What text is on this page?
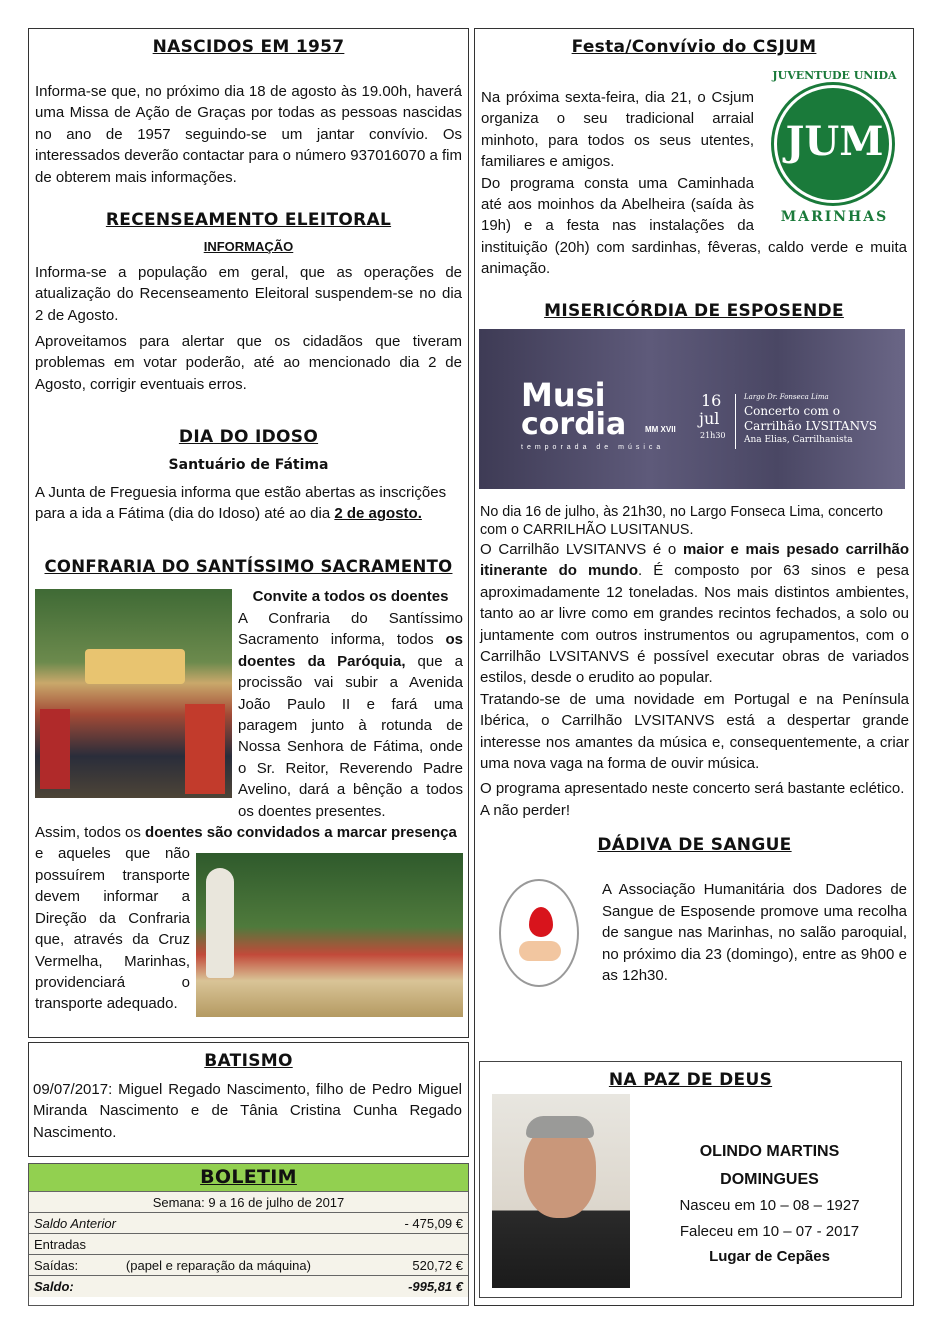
NASCIDOS EM 1957

Informa-se que, no próximo dia 18 de agosto às 19.00h, haverá uma Missa de Ação de Graças por todas as pessoas nascidas no ano de 1957 seguindo-se um jantar convívio. Os interessados deverão contactar para o número 937016070 a fim de obterem mais informações.

RECENSEAMENTO ELEITORAL
INFORMAÇÃO

Informa-se a população em geral, que as operações de atualização do Recenseamento Eleitoral suspendem-se no dia 2 de Agosto.

Aproveitamos para alertar que os cidadãos que tiveram problemas em votar poderão, até ao mencionado dia 2 de Agosto, corrigir eventuais erros.

DIA DO IDOSO
Santuário de Fátima

A Junta de Freguesia informa que estão abertas as inscrições para a ida a Fátima (dia do Idoso) até ao dia 2 de agosto.

CONFRARIA DO SANTÍSSIMO SACRAMENTO
Convite a todos os doentes

A Confraria do Santíssimo Sacramento informa, todos os doentes da Paróquia, que a procissão vai subir a Avenida João Paulo II e fará uma paragem junto à rotunda de Nossa Senhora de Fátima, onde o Sr. Reitor, Reverendo Padre Avelino, dará a bênção a todos os doentes presentes.

Assim, todos os doentes são convidados a marcar presença

e aqueles que não possuírem transporte devem informar a Direção da Confraria que, através da Cruz Vermelha, Marinhas, providenciará o transporte adequado.

BATISMO

09/07/2017: Miguel Regado Nascimento, filho de Pedro Miguel Miranda Nascimento e de Tânia Cristina Cunha Regado Nascimento.

BOLETIM
Semana: 9 a 16 de julho de 2017		
Saldo Anterior		- 475,09 €
Entradas		
Saídas:	(papel e reparação da máquina)	520,72 €
Saldo:		-995,81 €
Festa/Convívio do CSJUM
JUM
JUVENTUDE UNIDA
MARINHAS

Na próxima sexta-feira, dia 21, o Csjum organiza o seu tradicional arraial minhoto, para todos os seus utentes, familiares e amigos.

Do programa consta uma Caminhada até aos moinhos da Abelheira (saída às 19h) e a festa nas instalações da instituição (20h) com sardinhas, fêveras, caldo verde e muita animação.

MISERICÓRDIA DE ESPOSENDE
Musi
cordia MM XVII
temporada de música
16
jul
21h30
Largo Dr. Fonseca Lima
Concerto com o
Carrilhão LVSITANVS
Ana Elias, Carrilhanista

No dia 16 de julho, às 21h30, no Largo Fonseca Lima, concerto com o CARRILHÃO LUSITANUS.

O Carrilhão LVSITANVS é o maior e mais pesado carrilhão itinerante do mundo. É composto por 63 sinos e pesa aproximadamente 12 toneladas. Nos mais distintos ambientes, tanto ao ar livre como em grandes recintos fechados, a solo ou juntamente com outros instrumentos ou agrupamentos, com o Carrilhão LVSITANVS é possível executar obras de variados estilos, desde o erudito ao popular.

Tratando-se de uma novidade em Portugal e na Península Ibérica, o Carrilhão LVSITANVS está a despertar grande interesse nos amantes da música e, consequentemente, a criar uma nova vaga na forma de ouvir música.

O programa apresentado neste concerto será bastante eclético.

A não perder!

DÁDIVA DE SANGUE

A Associação Humanitária dos Dadores de Sangue de Esposende promove uma recolha de sangue nas Marinhas, no salão paroquial, no próximo dia 23 (domingo), entre as 9h00 e as 12h30.

NA PAZ DE DEUS
OLINDO MARTINS
DOMINGUES
Nasceu em 10 – 08 – 1927
Faleceu em 10 – 07 - 2017
Lugar de Cepães
